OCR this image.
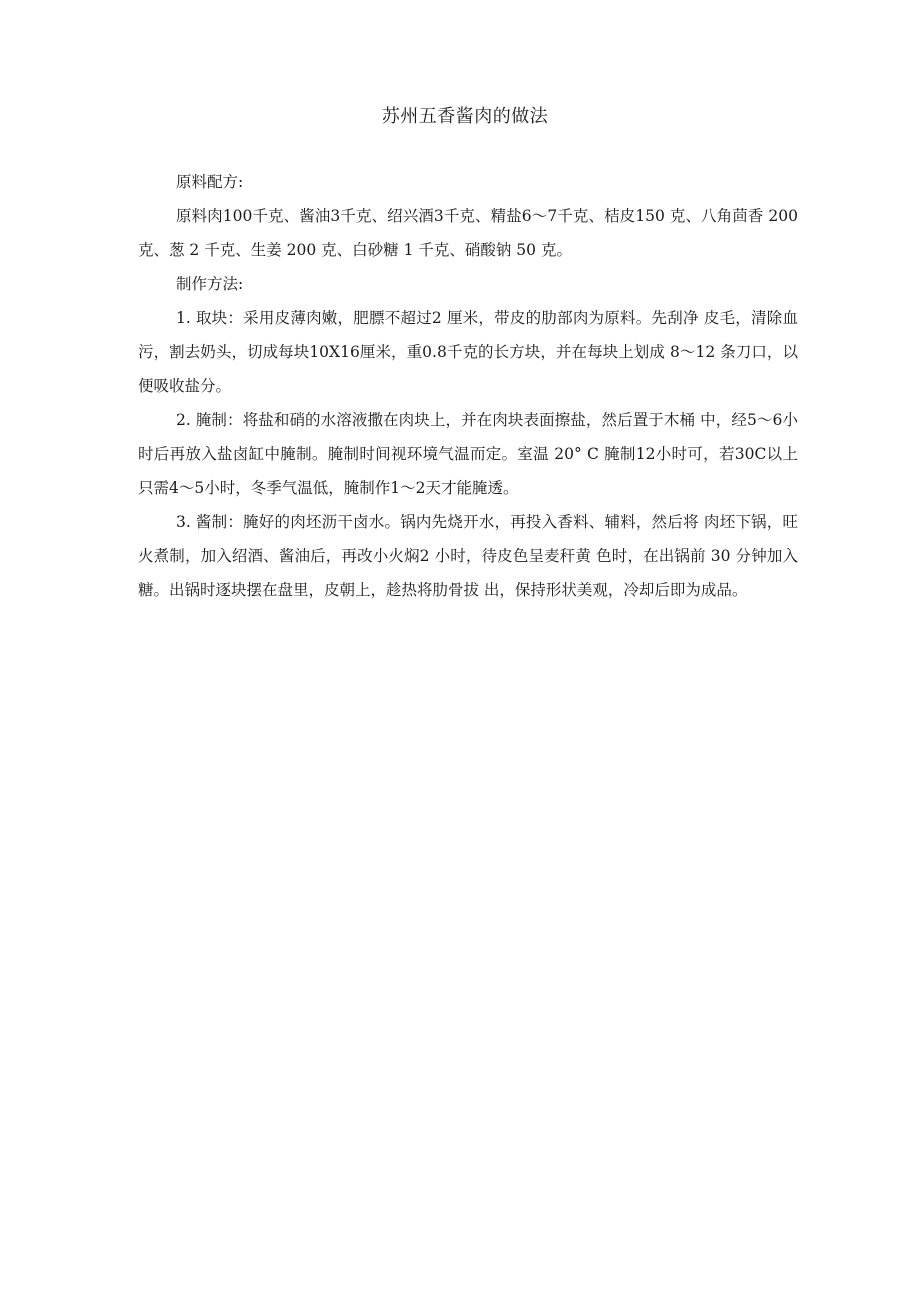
苏州五香酱肉的做法

原料配方:

原料肉100千克、酱油3千克、绍兴酒3千克、精盐6〜7千克、桔皮150 克、八角茴香 200 克、葱 2 千克、生姜 200 克、白砂糖 1 千克、硝酸钠 50 克。

制作方法:

1. 取块：采用皮薄肉嫩，肥膘不超过2 厘米，带皮的肋部肉为原料。先刮净 皮毛，清除血污，割去奶头，切成每块10X16厘米，重0.8千克的长方块，并在每块上划成 8〜12 条刀口，以便吸收盐分。

2. 腌制：将盐和硝的水溶液撒在肉块上，并在肉块表面擦盐，然后置于木桶 中，经5〜6小时后再放入盐卤缸中腌制。腌制时间视环境气温而定。室温 20° C 腌制12小时可，若30C以上只需4〜5小时，冬季气温低，腌制作1〜2天才能腌透。

3. 酱制：腌好的肉坯沥干卤水。锅内先烧开水，再投入香料、辅料，然后将 肉坯下锅，旺火煮制，加入绍酒、酱油后，再改小火焖2 小时，待皮色呈麦秆黄 色时，在出锅前 30 分钟加入糖。出锅时逐块摆在盘里，皮朝上，趁热将肋骨拔 出，保持形状美观，冷却后即为成品。
